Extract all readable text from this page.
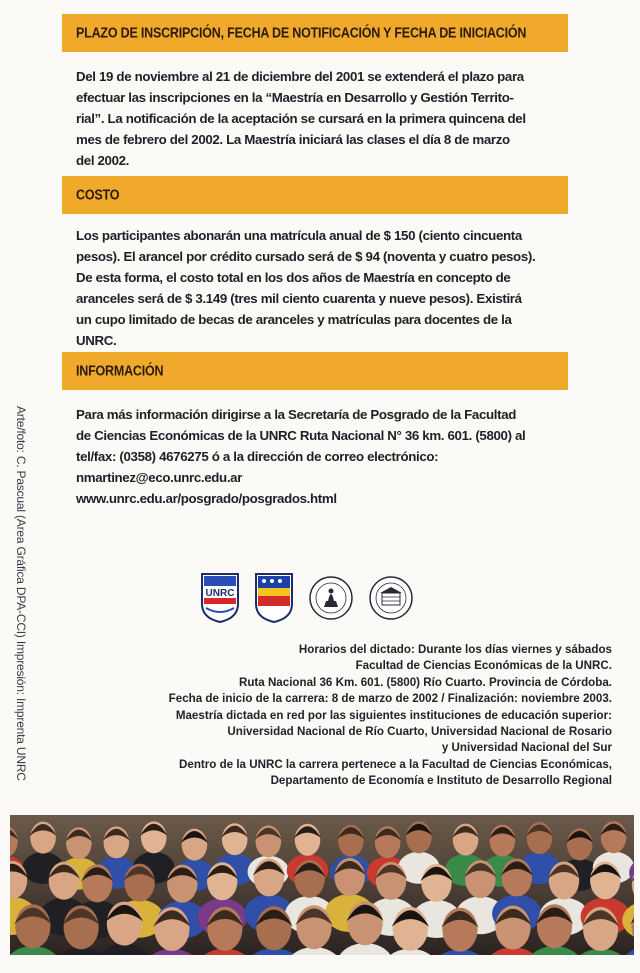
PLAZO DE INSCRIPCIÓN, FECHA DE NOTIFICACIÓN Y FECHA DE INICIACIÓN
Del 19 de noviembre al 21 de diciembre del 2001 se extenderá el plazo para
efectuar las inscripciones en la “Maestría en Desarrollo y Gestión Territo-
rial”. La notificación de la aceptación se cursará en la primera quincena del
mes de febrero del 2002. La Maestría iniciará las clases el día 8 de marzo
del 2002.
COSTO
Los participantes abonarán una matrícula anual de $ 150 (ciento cincuenta
pesos). El arancel por crédito cursado será de $ 94 (noventa y cuatro pesos).
De esta forma, el costo total en los dos años de Maestría en concepto de
aranceles será de $ 3.149 (tres mil ciento cuarenta y nueve pesos). Existirá
un cupo limitado de becas de aranceles y matrículas para docentes de la
UNRC.
INFORMACIÓN
Para más información dirigirse a la Secretaría de Posgrado de la Facultad
de Ciencias Económicas de la UNRC Ruta Nacional N° 36 km. 601. (5800) al
tel/fax: (0358) 4676275 ó a la dirección de correo electrónico:
nmartinez@eco.unrc.edu.ar
www.unrc.edu.ar/posgrado/posgrados.html
Arte/foto: C. Pascual (Area Gráfica DPA-CCI) Impresión: Imprenta UNRC	UNRC
Horarios del dictado: Durante los días viernes y sábados
Facultad de Ciencias Económicas de la UNRC.
Ruta Nacional 36 Km. 601. (5800) Río Cuarto. Provincia de Córdoba.
Fecha de inicio de la carrera: 8 de marzo de 2002 / Finalización: noviembre 2003.
Maestría dictada en red por las siguientes instituciones de educación superior:
Universidad Nacional de Río Cuarto, Universidad Nacional de Rosario
y Universidad Nacional del Sur
Dentro de la UNRC la carrera pertenece a la Facultad de Ciencias Económicas,
Departamento de Economía e Instituto de Desarrollo Regional
